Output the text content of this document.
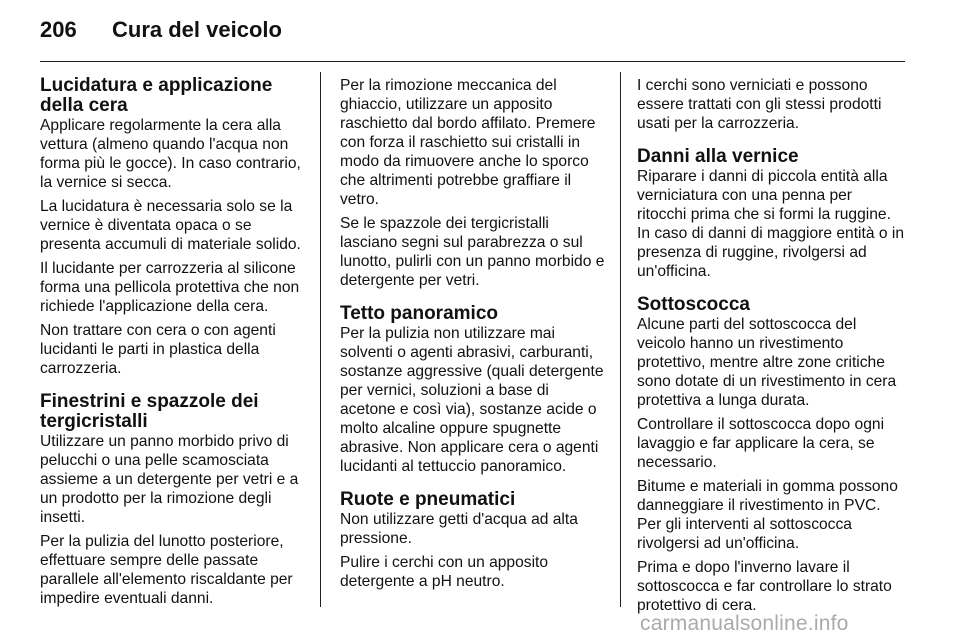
206	Cura del veicolo
Lucidatura e applicazione della cera

Applicare regolarmente la cera alla vettura (almeno quando l'acqua non forma più le gocce). In caso contrario, la vernice si secca.

La lucidatura è necessaria solo se la vernice è diventata opaca o se presenta accumuli di materiale solido.

Il lucidante per carrozzeria al silicone forma una pellicola protettiva che non richiede l'applicazione della cera.

Non trattare con cera o con agenti lucidanti le parti in plastica della carrozzeria.

Finestrini e spazzole dei tergicristalli

Utilizzare un panno morbido privo di pelucchi o una pelle scamosciata assieme a un detergente per vetri e a un prodotto per la rimozione degli insetti.

Per la pulizia del lunotto posteriore, effettuare sempre delle passate parallele all'elemento riscaldante per impedire eventuali danni.

Per la rimozione meccanica del ghiaccio, utilizzare un apposito raschietto dal bordo affilato. Premere con forza il raschietto sui cristalli in modo da rimuovere anche lo sporco che altrimenti potrebbe graffiare il vetro.

Se le spazzole dei tergicristalli lasciano segni sul parabrezza o sul lunotto, pulirli con un panno morbido e detergente per vetri.

Tetto panoramico

Per la pulizia non utilizzare mai solventi o agenti abrasivi, carburanti, sostanze aggressive (quali detergente per vernici, soluzioni a base di acetone e così via), sostanze acide o molto alcaline oppure spugnette abrasive. Non applicare cera o agenti lucidanti al tettuccio panoramico.

Ruote e pneumatici

Non utilizzare getti d'acqua ad alta pressione.

Pulire i cerchi con un apposito detergente a pH neutro.

I cerchi sono verniciati e possono essere trattati con gli stessi prodotti usati per la carrozzeria.

Danni alla vernice

Riparare i danni di piccola entità alla verniciatura con una penna per ritocchi prima che si formi la ruggine. In caso di danni di maggiore entità o in presenza di ruggine, rivolgersi ad un'officina.

Sottoscocca

Alcune parti del sottoscocca del veicolo hanno un rivestimento protettivo, mentre altre zone critiche sono dotate di un rivestimento in cera protettiva a lunga durata.

Controllare il sottoscocca dopo ogni lavaggio e far applicare la cera, se necessario.

Bitume e materiali in gomma possono danneggiare il rivestimento in PVC. Per gli interventi al sottoscocca rivolgersi ad un'officina.

Prima e dopo l'inverno lavare il sottoscocca e far controllare lo strato protettivo di cera.

carmanualsonline.info
